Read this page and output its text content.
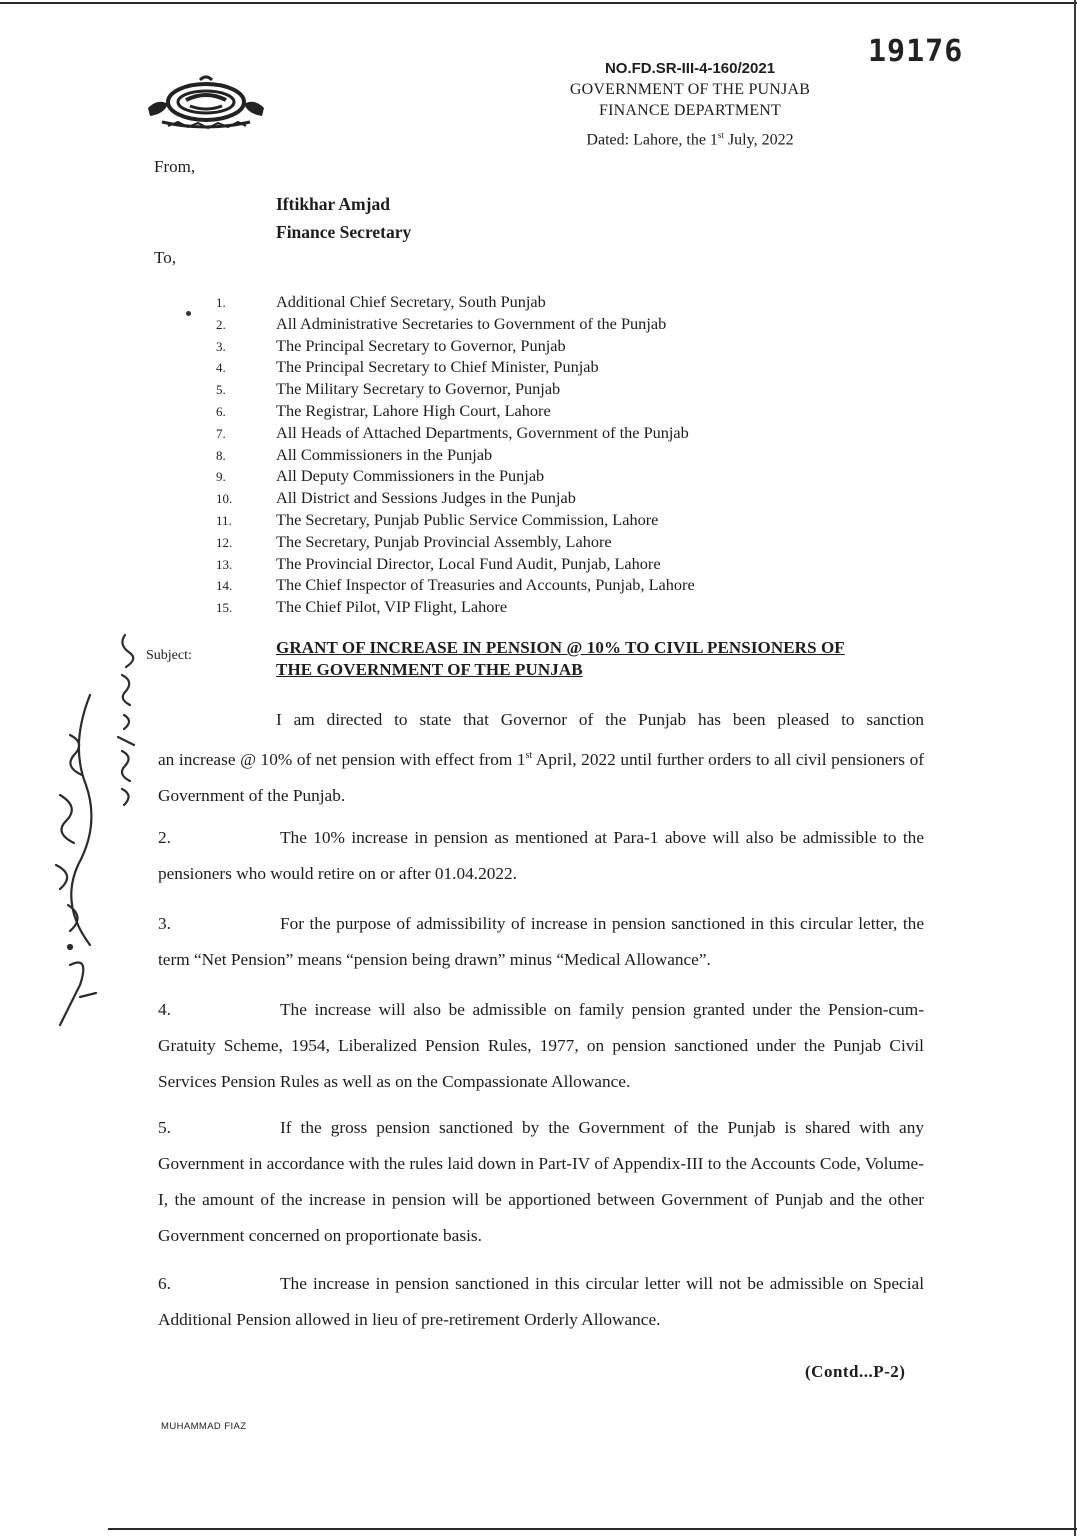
19176
NO.FD.SR-III-4-160/2021
GOVERNMENT OF THE PUNJAB
FINANCE DEPARTMENT
Dated: Lahore, the 1st July, 2022
From,
Iftikhar Amjad
Finance Secretary
To,
1.	Additional Chief Secretary, South Punjab
2.	All Administrative Secretaries to Government of the Punjab
3.	The Principal Secretary to Governor, Punjab
4.	The Principal Secretary to Chief Minister, Punjab
5.	The Military Secretary to Governor, Punjab
6.	The Registrar, Lahore High Court, Lahore
7.	All Heads of Attached Departments, Government of the Punjab
8.	All Commissioners in the Punjab
9.	All Deputy Commissioners in the Punjab
10.	All District and Sessions Judges in the Punjab
11.	The Secretary, Punjab Public Service Commission, Lahore
12.	The Secretary, Punjab Provincial Assembly, Lahore
13.	The Provincial Director, Local Fund Audit, Punjab, Lahore
14.	The Chief Inspector of Treasuries and Accounts, Punjab, Lahore
15.	The Chief Pilot, VIP Flight, Lahore
Subject:	GRANT OF INCREASE IN PENSION @ 10% TO CIVIL PENSIONERS OF
THE GOVERNMENT OF THE PUNJAB
I am directed to state that Governor of the Punjab has been pleased to sanction
an increase @ 10% of net pension with effect from 1st April, 2022 until further orders to all civil pensioners of Government of the Punjab.

2.	The 10% increase in pension as mentioned at Para-1 above will also be admissible to the pensioners who would retire on or after 01.04.2022.

3.	For the purpose of admissibility of increase in pension sanctioned in this circular letter, the term “Net Pension” means “pension being drawn” minus “Medical Allowance”.

4.	The increase will also be admissible on family pension granted under the Pension-cum-Gratuity Scheme, 1954, Liberalized Pension Rules, 1977, on pension sanctioned under the Punjab Civil Services Pension Rules as well as on the Compassionate Allowance.

5.	If the gross pension sanctioned by the Government of the Punjab is shared with any Government in accordance with the rules laid down in Part-IV of Appendix-III to the Accounts Code, Volume-I, the amount of the increase in pension will be apportioned between Government of Punjab and the other Government concerned on proportionate basis.

6.	The increase in pension sanctioned in this circular letter will not be admissible on Special Additional Pension allowed in lieu of pre-retirement Orderly Allowance.

(Contd...P-2)
MUHAMMAD FIAZ
